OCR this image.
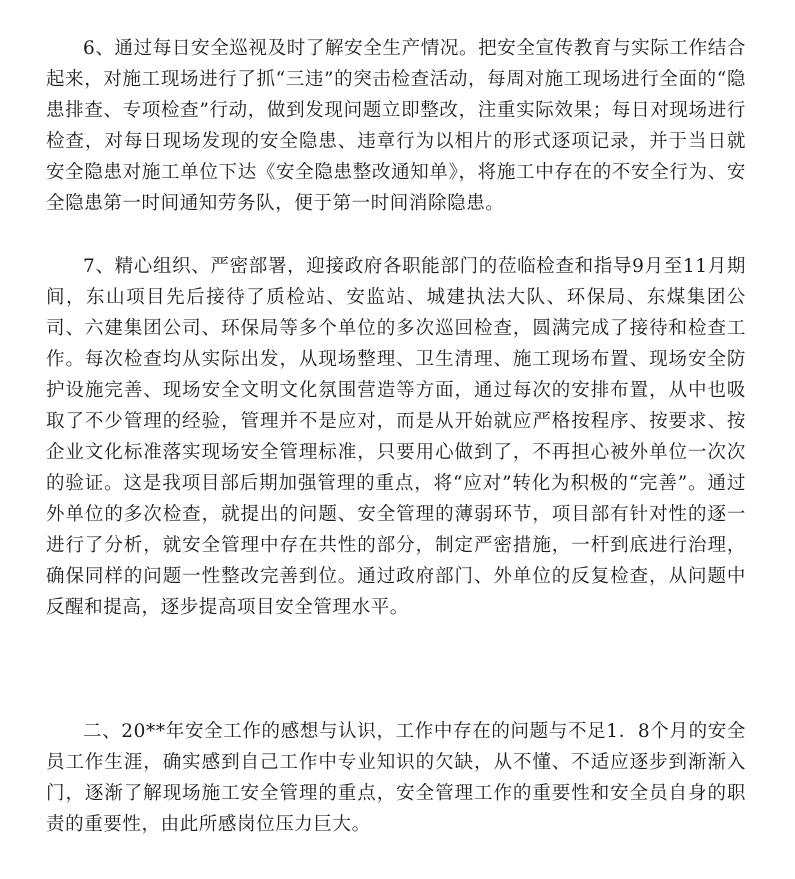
6、通过每日安全巡视及时了解安全生产情况。把安全宣传教育与实际工作结合起来，对施工现场进行了抓“三违”的突击检查活动，每周对施工现场进行全面的“隐患排查、专项检查”行动，做到发现问题立即整改，注重实际效果；每日对现场进行检查，对每日现场发现的安全隐患、违章行为以相片的形式逐项记录，并于当日就安全隐患对施工单位下达《安全隐患整改通知单》，将施工中存在的不安全行为、安全隐患第一时间通知劳务队，便于第一时间消除隐患。

7、精心组织、严密部署，迎接政府各职能部门的莅临检查和指导9月至11月期间，东山项目先后接待了质检站、安监站、城建执法大队、环保局、东煤集团公司、六建集团公司、环保局等多个单位的多次巡回检查，圆满完成了接待和检查工作。每次检查均从实际出发，从现场整理、卫生清理、施工现场布置、现场安全防护设施完善、现场安全文明文化氛围营造等方面，通过每次的安排布置，从中也吸取了不少管理的经验，管理并不是应对，而是从开始就应严格按程序、按要求、按企业文化标准落实现场安全管理标准，只要用心做到了，不再担心被外单位一次次的验证。这是我项目部后期加强管理的重点，将“应对”转化为积极的“完善”。通过外单位的多次检查，就提出的问题、安全管理的薄弱环节，项目部有针对性的逐一进行了分析，就安全管理中存在共性的部分，制定严密措施，一杆到底进行治理，确保同样的问题一性整改完善到位。通过政府部门、外单位的反复检查，从问题中反醒和提高，逐步提高项目安全管理水平。

二、20**年安全工作的感想与认识，工作中存在的问题与不足1．8个月的安全员工作生涯，确实感到自己工作中专业知识的欠缺，从不懂、不适应逐步到渐渐入门，逐渐了解现场施工安全管理的重点，安全管理工作的重要性和安全员自身的职责的重要性，由此所感岗位压力巨大。
